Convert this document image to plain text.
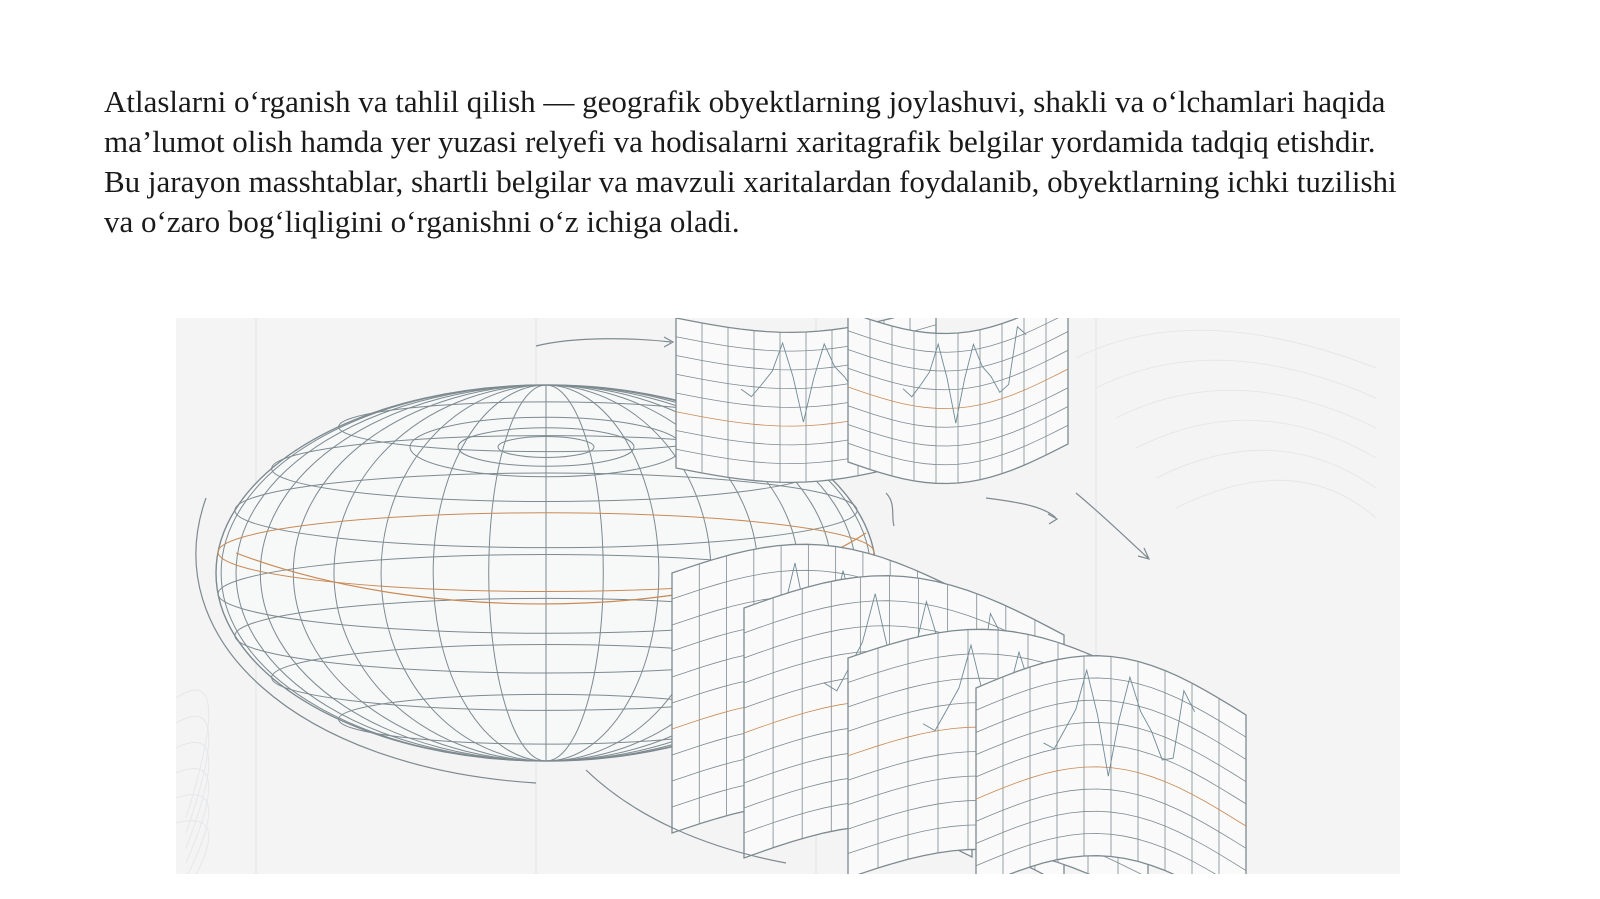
Atlaslarni o‘rganish va tahlil qilish — geografik obyektlarning joylashuvi, shakli va o‘lchamlari haqida ma’lumot olish hamda yer yuzasi relyefi va hodisalarni xaritagrafik belgilar yordamida tadqiq etishdir. Bu jarayon masshtablar, shartli belgilar va mavzuli xaritalardan foydalanib, obyektlarning ichki tuzilishi va o‘zaro bog‘liqligini o‘rganishni o‘z ichiga oladi.
